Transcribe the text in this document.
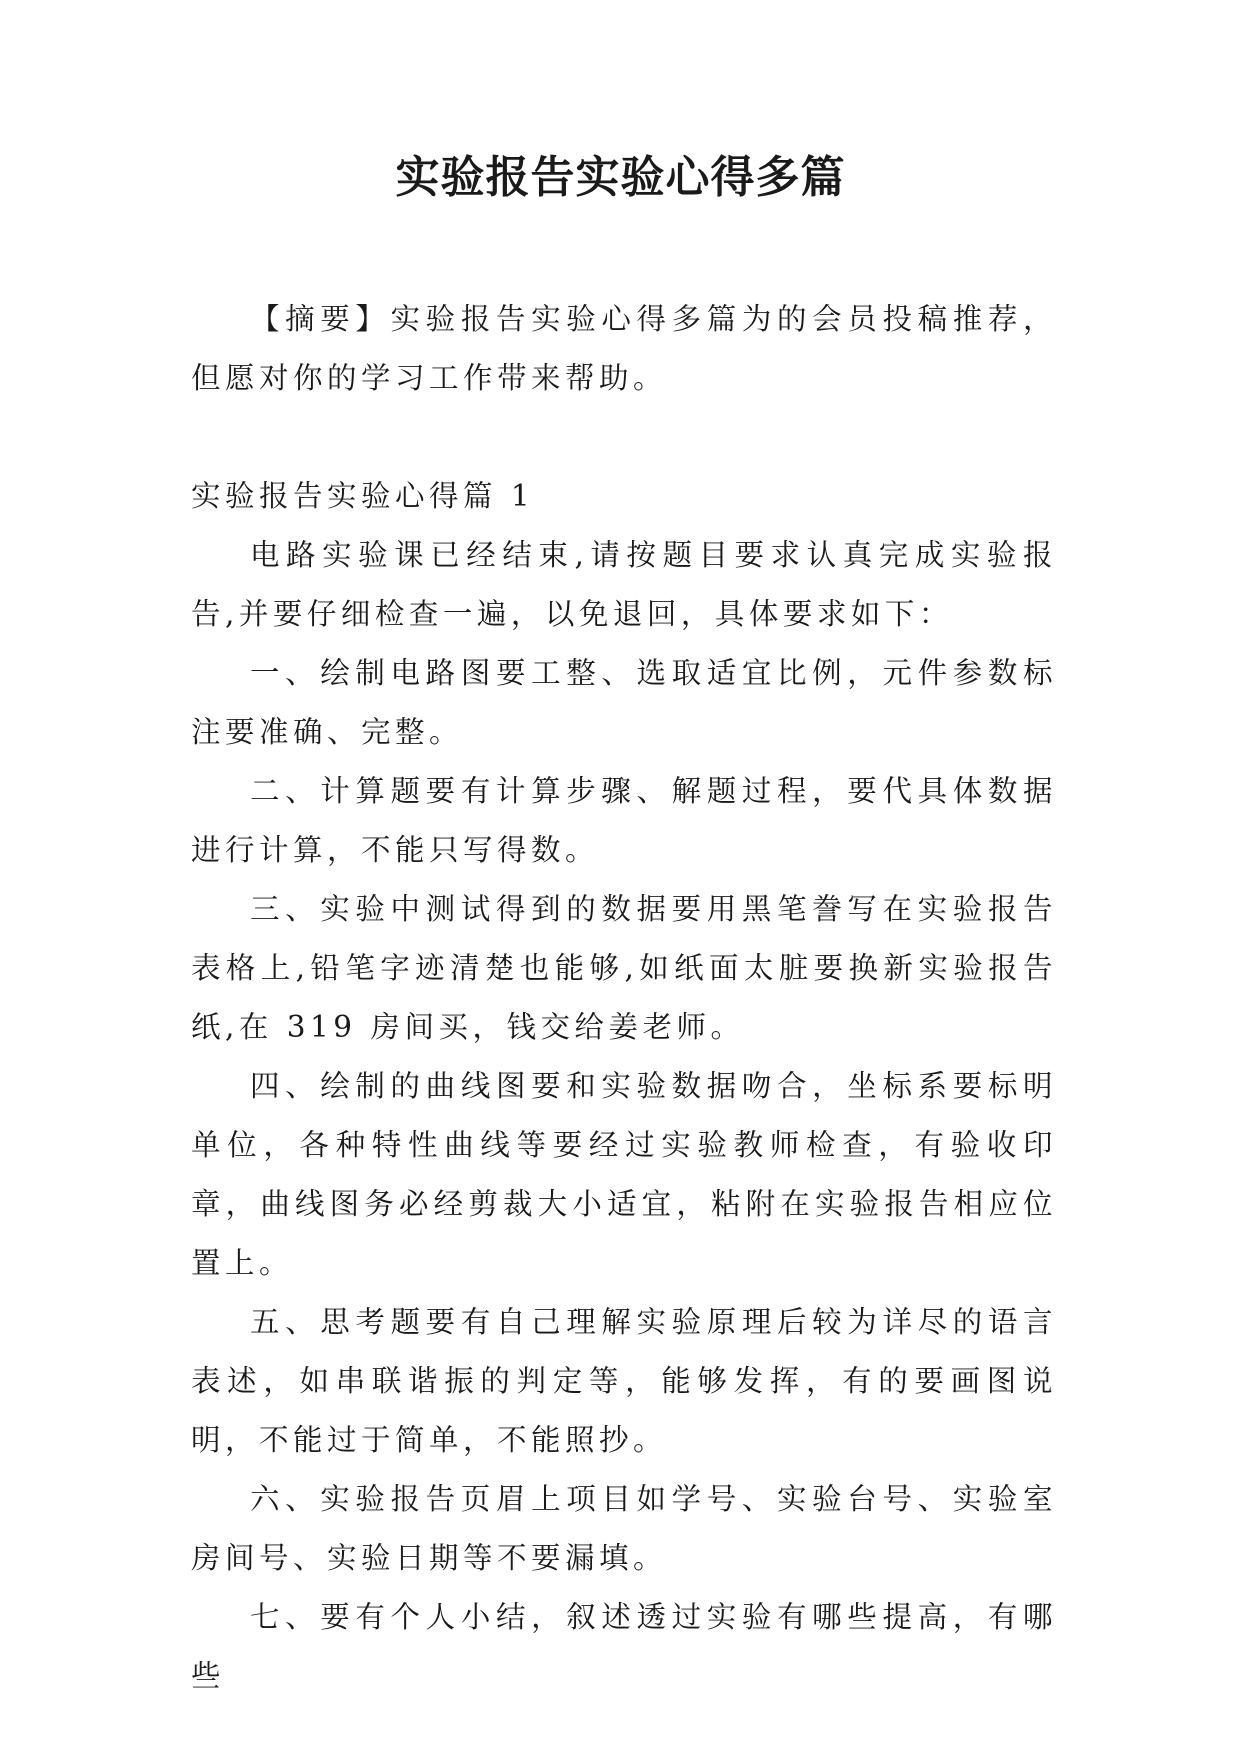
实验报告实验心得多篇

【摘要】实验报告实验心得多篇为的会员投稿推荐，但愿对你的学习工作带来帮助。

实验报告实验心得篇 1

电路实验课已经结束,请按题目要求认真完成实验报告,并要仔细检查一遍，以免退回，具体要求如下：

一、绘制电路图要工整、选取适宜比例，元件参数标注要准确、完整。

二、计算题要有计算步骤、解题过程，要代具体数据进行计算，不能只写得数。

三、实验中测试得到的数据要用黑笔誊写在实验报告表格上,铅笔字迹清楚也能够,如纸面太脏要换新实验报告纸,在 319 房间买，钱交给姜老师。

四、绘制的曲线图要和实验数据吻合，坐标系要标明单位，各种特性曲线等要经过实验教师检查，有验收印章，曲线图务必经剪裁大小适宜，粘附在实验报告相应位置上。

五、思考题要有自己理解实验原理后较为详尽的语言表述，如串联谐振的判定等，能够发挥，有的要画图说明，不能过于简单，不能照抄。

六、实验报告页眉上项目如学号、实验台号、实验室房间号、实验日期等不要漏填。

七、要有个人小结，叙述透过实验有哪些提高，有哪些
